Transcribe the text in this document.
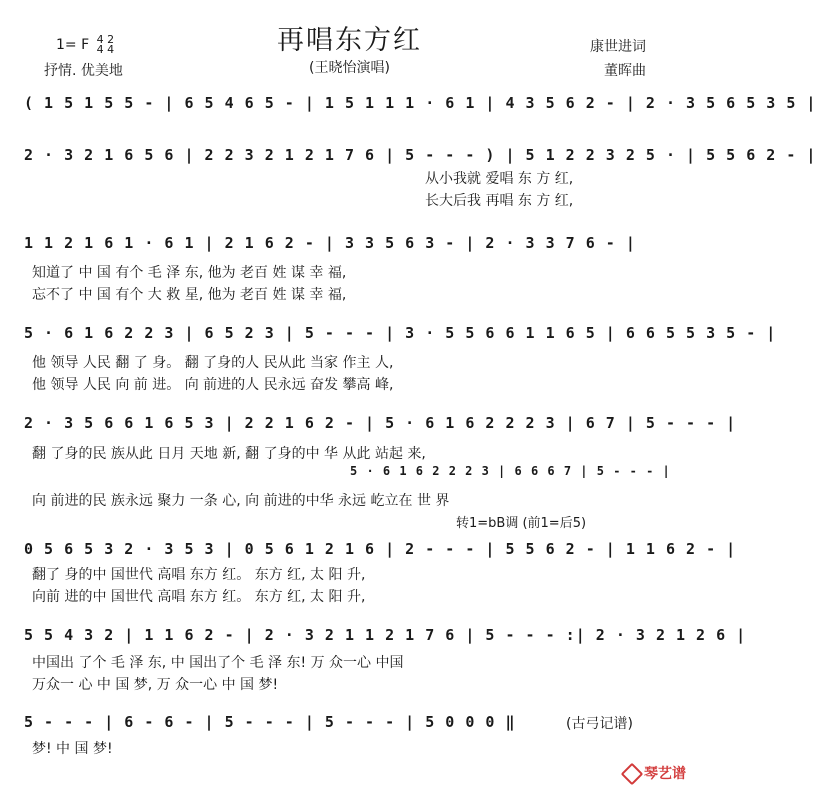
再唱东方红
(王晓怡演唱)
1= F 4 2
4 4
抒情. 优美地
康世进词
董晖曲
( 1 5 1 5 5 - | 6 5 4 6 5 - | 1 5 1 1 1 · 6 1 | 4 3 5 6 2 - | 2 · 3 5 6 5 3 5 |
2 · 3 2 1 6 5 6 | 2 2 3 2 1 2 1 7 6 | 5 - - - ) | 5 1 2 2 3 2 5 · | 5 5 6 2 - |
从小我就 爱唱 东 方 红,
长大后我 再唱 东 方 红,
1 1 2 1 6 1 · 6 1 | 2 1 6 2 - | 3 3 5 6 3 - | 2 · 3 3 7 6 - |
知道了 中 国 有个 毛 泽 东, 他为 老百 姓 谋 幸 福,
忘不了 中 国 有个 大 救 星, 他为 老百 姓 谋 幸 福,
5 · 6 1 6 2 2 3 | 6 5 2 3 | 5 - - - | 3 · 5 5 6 6 1 1 6 5 | 6 6 5 5 3 5 - |
他 领导 人民 翻 了 身。 翻 了身的人 民从此 当家 作主 人,
他 领导 人民 向 前 进。 向 前进的人 民永远 奋发 攀高 峰,
2 · 3 5 6 6 1 6 5 3 | 2 2 1 6 2 - | 5 · 6 1 6 2 2 2 3 | 6 7 | 5 - - - |
翻 了身的民 族从此 日月 天地 新, 翻 了身的中 华 从此 站起 来,
5 · 6 1 6 2 2 2 3 | 6 6 6 7 | 5 - - - |
向 前进的民 族永远 聚力 一条 心, 向 前进的中华 永远 屹立在 世 界
转1=bB调 (前1=后5)
0 5 6 5 3 2 · 3 5 3 | 0 5 6 1 2 1 6 | 2 - - - | 5 5 6 2 - | 1 1 6 2 - |
翻了 身的中 国世代 高唱 东方 红。 东方 红, 太 阳 升,
向前 进的中 国世代 高唱 东方 红。 东方 红, 太 阳 升,
5 5 4 3 2 | 1 1 6 2 - | 2 · 3 2 1 1 2 1 7 6 | 5 - - - :| 2 · 3 2 1 2 6 |
中国出 了个 毛 泽 东, 中 国出了个 毛 泽 东! 万 众一心 中国
万众一 心 中 国 梦, 万 众一心 中 国 梦!
5 - - - | 6 - 6 - | 5 - - - | 5 - - - | 5 0 0 0 ‖
梦! 中 国 梦!
(古弓记谱)
琴艺谱
